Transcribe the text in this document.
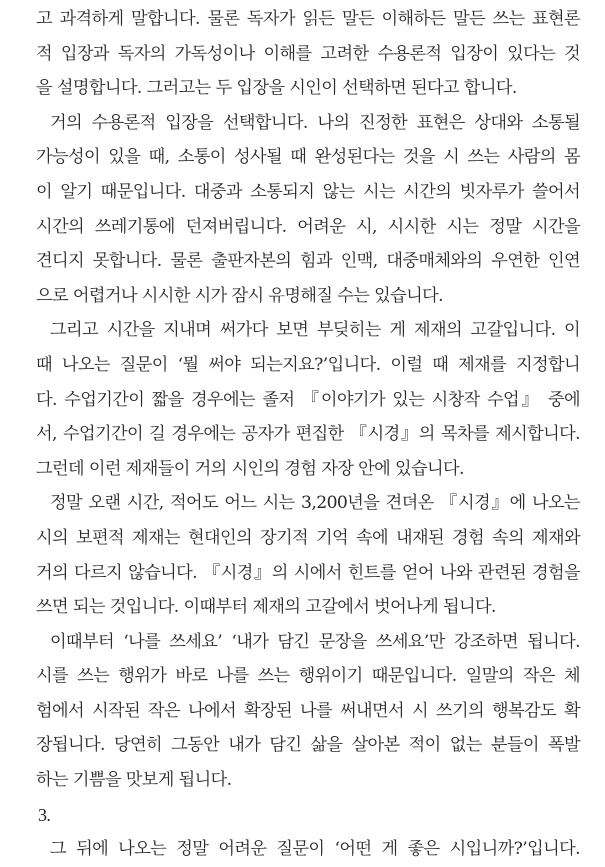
고 과격하게 말합니다. 물론 독자가 읽든 말든 이해하든 말든 쓰는 표현론
적 입장과 독자의 가독성이나 이해를 고려한 수용론적 입장이 있다는 것
을 설명합니다. 그러고는 두 입장을 시인이 선택하면 된다고 합니다.
거의 수용론적 입장을 선택합니다. 나의 진정한 표현은 상대와 소통될
가능성이 있을 때, 소통이 성사될 때 완성된다는 것을 시 쓰는 사람의 몸
이 알기 때문입니다. 대중과 소통되지 않는 시는 시간의 빗자루가 쓸어서
시간의 쓰레기통에 던져버립니다. 어려운 시, 시시한 시는 정말 시간을
견디지 못합니다. 물론 출판자본의 힘과 인맥, 대중매체와의 우연한 인연
으로 어렵거나 시시한 시가 잠시 유명해질 수는 있습니다.
그리고 시간을 지내며 써가다 보면 부딪히는 게 제재의 고갈입니다. 이
때 나오는 질문이 ‘뭘 써야 되는지요?’입니다. 이럴 때 제재를 지정합니
다. 수업기간이 짧을 경우에는 졸저 『이야기가 있는 시창작 수업』 중에
서, 수업기간이 길 경우에는 공자가 편집한 『시경』의 목차를 제시합니다.
그런데 이런 제재들이 거의 시인의 경험 자장 안에 있습니다.
정말 오랜 시간, 적어도 어느 시는 3,200년을 견뎌온 『시경』에 나오는
시의 보편적 제재는 현대인의 장기적 기억 속에 내재된 경험 속의 제재와
거의 다르지 않습니다. 『시경』의 시에서 힌트를 얻어 나와 관련된 경험을
쓰면 되는 것입니다. 이때부터 제재의 고갈에서 벗어나게 됩니다.
이때부터 ‘나를 쓰세요’ ‘내가 담긴 문장을 쓰세요’만 강조하면 됩니다.
시를 쓰는 행위가 바로 나를 쓰는 행위이기 때문입니다. 일말의 작은 체
험에서 시작된 작은 나에서 확장된 나를 써내면서 시 쓰기의 행복감도 확
장됩니다. 당연히 그동안 내가 담긴 삶을 살아본 적이 없는 분들이 폭발
하는 기쁨을 맛보게 됩니다.
3.
그 뒤에 나오는 정말 어려운 질문이 ‘어떤 게 좋은 시입니까?’입니다.
